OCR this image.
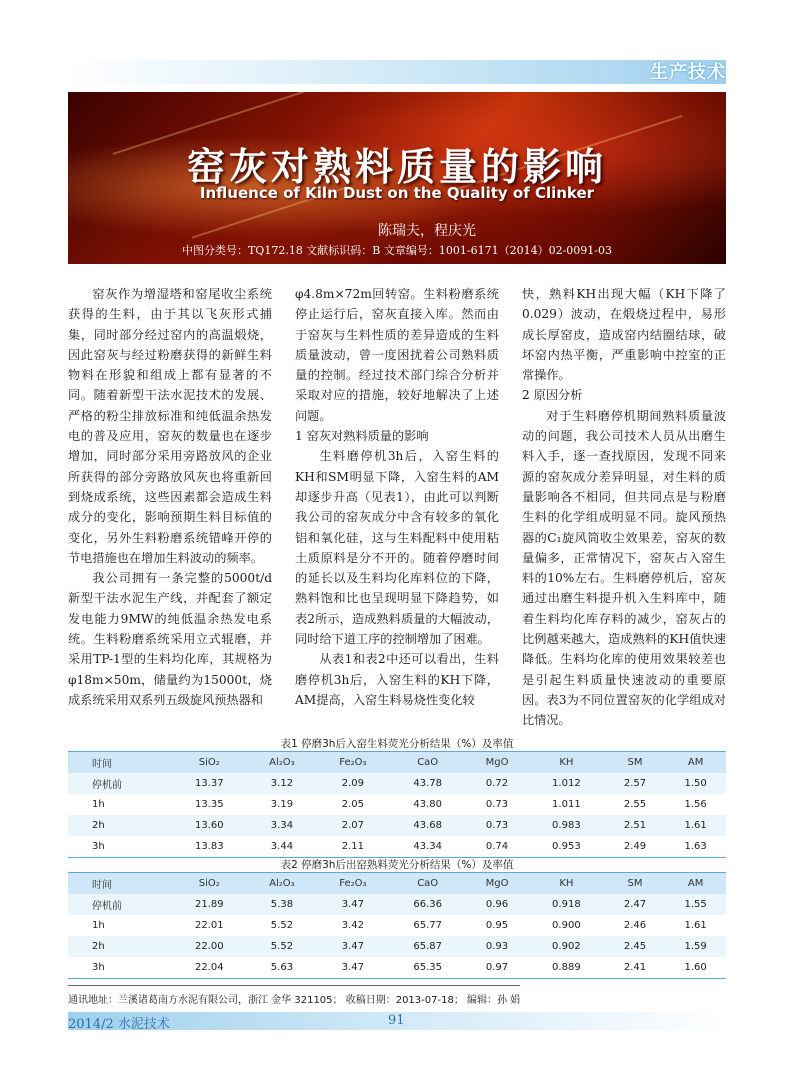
生产技术
窑灰对熟料质量的影响
Influence of Kiln Dust on the Quality of Clinker
陈瑞夫，程庆光
中图分类号：TQ172.18 文献标识码：B 文章编号：1001-6171（2014）02-0091-03

窑灰作为增湿塔和窑尾收尘系统获得的生料，由于其以飞灰形式捕集，同时部分经过窑内的高温煅烧，因此窑灰与经过粉磨获得的新鲜生料物料在形貌和组成上都有显著的不同。随着新型干法水泥技术的发展、严格的粉尘排放标准和纯低温余热发电的普及应用，窑灰的数量也在逐步增加，同时部分采用旁路放风的企业所获得的部分旁路放风灰也将重新回到烧成系统，这些因素都会造成生料成分的变化，影响预期生料目标值的变化，另外生料粉磨系统错峰开停的节电措施也在增加生料波动的频率。

我公司拥有一条完整的5000t/d新型干法水泥生产线，并配套了额定发电能力9MW的纯低温余热发电系统。生料粉磨系统采用立式辊磨，并采用TP-1型的生料均化库，其规格为φ18m×50m，储量约为15000t，烧成系统采用双系列五级旋风预热器和

φ4.8m×72m回转窑。生料粉磨系统停止运行后，窑灰直接入库。然而由于窑灰与生料性质的差异造成的生料质量波动，曾一度困扰着公司熟料质量的控制。经过技术部门综合分析并采取对应的措施，较好地解决了上述问题。

1 窑灰对熟料质量的影响

生料磨停机3h后，入窑生料的KH和SM明显下降，入窑生料的AM却逐步升高（见表1），由此可以判断我公司的窑灰成分中含有较多的氧化铝和氧化硅，这与生料配料中使用粘土质原料是分不开的。随着停磨时间的延长以及生料均化库料位的下降，熟料饱和比也呈现明显下降趋势，如表2所示，造成熟料质量的大幅波动，同时给下道工序的控制增加了困难。

从表1和表2中还可以看出，生料磨停机3h后，入窑生料的KH下降，AM提高，入窑生料易烧性变化较

快，熟料KH出现大幅（KH下降了0.029）波动，在煅烧过程中，易形成长厚窑皮，造成窑内结圈结球，破坏窑内热平衡，严重影响中控室的正常操作。

2 原因分析

对于生料磨停机期间熟料质量波动的问题，我公司技术人员从出磨生料入手，逐一查找原因，发现不同来源的窑灰成分差异明显，对生料的质量影响各不相同，但共同点是与粉磨生料的化学组成明显不同。旋风预热器的C₁旋风筒收尘效果差，窑灰的数量偏多，正常情况下，窑灰占入窑生料的10%左右。生料磨停机后，窑灰通过出磨生料提升机入生料库中，随着生料均化库存料的减少，窑灰占的比例越来越大，造成熟料的KH值快速降低。生料均化库的使用效果较差也是引起生料质量快速波动的重要原因。表3为不同位置窑灰的化学组成对比情况。

表1 停磨3h后入窑生料荧光分析结果（%）及率值
时间	SiO₂	Al₂O₃	Fe₂O₃	CaO	MgO	KH	SM	AM
停机前	13.37	3.12	2.09	43.78	0.72	1.012	2.57	1.50
1h	13.35	3.19	2.05	43.80	0.73	1.011	2.55	1.56
2h	13.60	3.34	2.07	43.68	0.73	0.983	2.51	1.61
3h	13.83	3.44	2.11	43.34	0.74	0.953	2.49	1.63
表2 停磨3h后出窑熟料荧光分析结果（%）及率值
时间	SiO₂	Al₂O₃	Fe₂O₃	CaO	MgO	KH	SM	AM
停机前	21.89	5.38	3.47	66.36	0.96	0.918	2.47	1.55
1h	22.01	5.52	3.42	65.77	0.95	0.900	2.46	1.61
2h	22.00	5.52	3.47	65.87	0.93	0.902	2.45	1.59
3h	22.04	5.63	3.47	65.35	0.97	0.889	2.41	1.60
通讯地址：兰溪诸葛南方水泥有限公司，浙江 金华 321105； 收稿日期：2013-07-18； 编辑：孙 娟
2014/2 水泥技术	91
